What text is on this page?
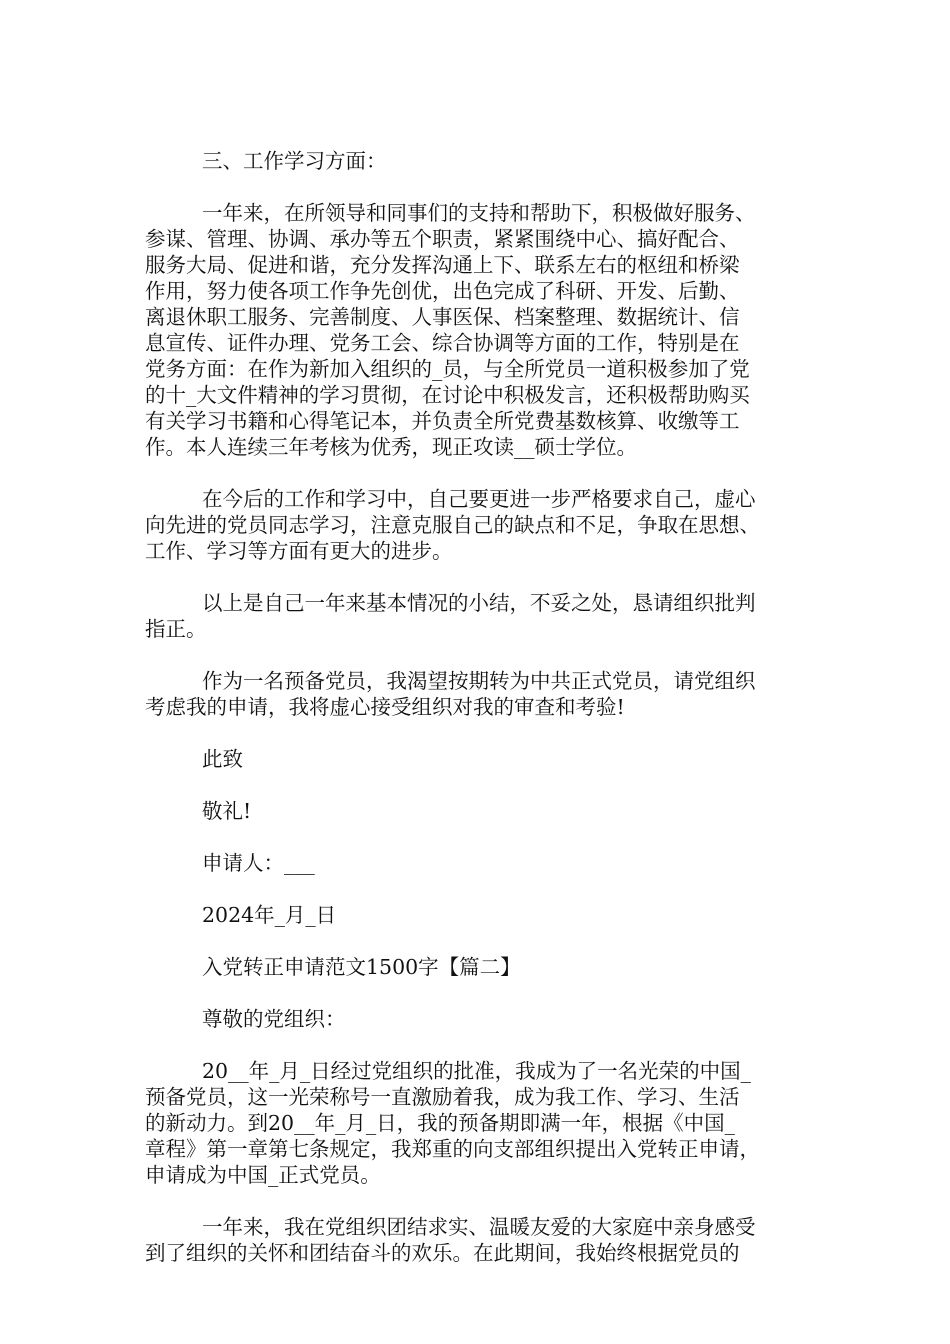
三、工作学习方面：
一年来，在所领导和同事们的支持和帮助下，积极做好服务、
参谋、管理、协调、承办等五个职责，紧紧围绕中心、搞好配合、
服务大局、促进和谐，充分发挥沟通上下、联系左右的枢纽和桥梁
作用，努力使各项工作争先创优，出色完成了科研、开发、后勤、
离退休职工服务、完善制度、人事医保、档案整理、数据统计、信
息宣传、证件办理、党务工会、综合协调等方面的工作，特别是在
党务方面：在作为新加入组织的_员，与全所党员一道积极参加了党
的十_大文件精神的学习贯彻，在讨论中积极发言，还积极帮助购买
有关学习书籍和心得笔记本，并负责全所党费基数核算、收缴等工
作。本人连续三年考核为优秀，现正攻读__硕士学位。
在今后的工作和学习中，自己要更进一步严格要求自己，虚心
向先进的党员同志学习，注意克服自己的缺点和不足，争取在思想、
工作、学习等方面有更大的进步。
以上是自己一年来基本情况的小结，不妥之处，恳请组织批判
指正。
作为一名预备党员，我渴望按期转为中共正式党员，请党组织
考虑我的申请，我将虚心接受组织对我的审查和考验!
此致
敬礼!
申请人：___
2024年_月_日
入党转正申请范文1500字【篇二】
尊敬的党组织：
20__年_月_日经过党组织的批准，我成为了一名光荣的中国_
预备党员，这一光荣称号一直激励着我，成为我工作、学习、生活
的新动力。到20__年_月_日，我的预备期即满一年，根据《中国_
章程》第一章第七条规定，我郑重的向支部组织提出入党转正申请，
申请成为中国_正式党员。
一年来，我在党组织团结求实、温暖友爱的大家庭中亲身感受
到了组织的关怀和团结奋斗的欢乐。在此期间，我始终根据党员的
